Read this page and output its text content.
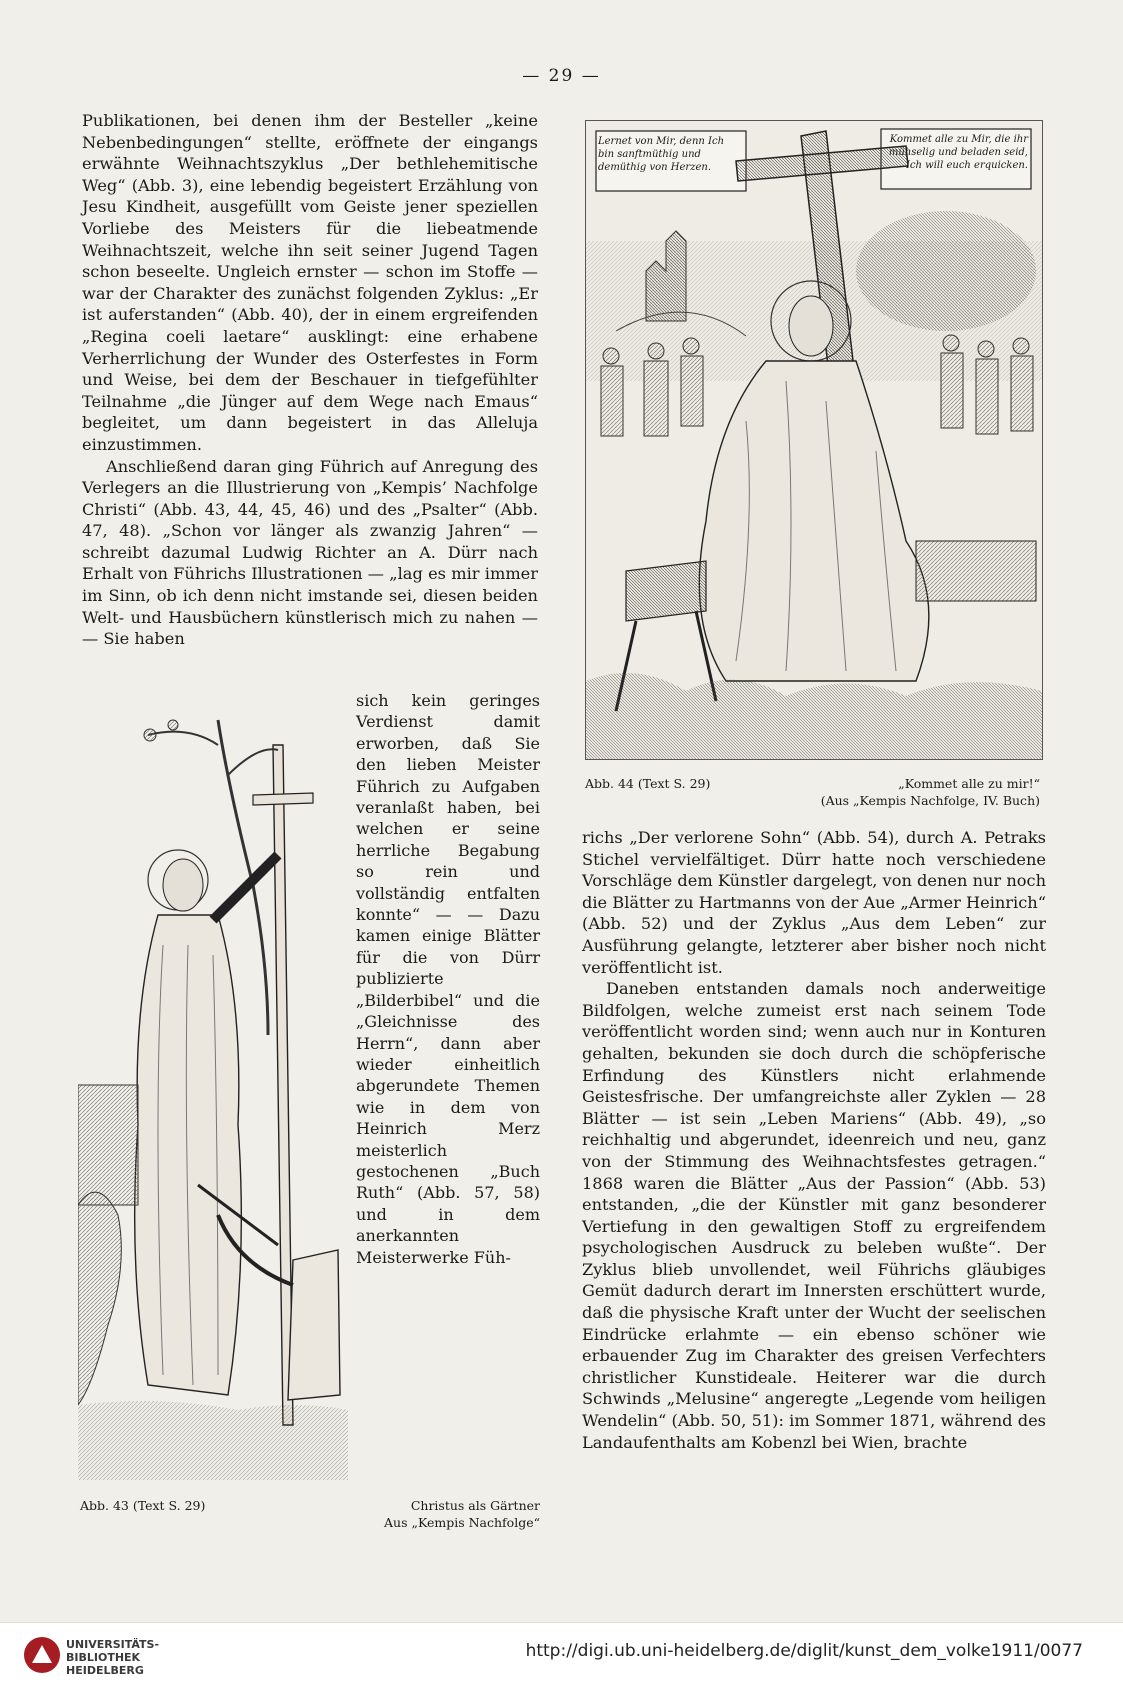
— 29 —

Publikationen, bei denen ihm der Besteller „keine Nebenbedingungen“ stellte, eröffnete der eingangs erwähnte Weihnachtszyklus „Der bethlehemitische Weg“ (Abb. 3), eine lebendig begeistert Erzählung von Jesu Kindheit, ausgefüllt vom Geiste jener speziellen Vorliebe des Meisters für die liebeatmende Weihnachtszeit, welche ihn seit seiner Jugend Tagen schon beseelte. Ungleich ernster — schon im Stoffe — war der Charakter des zunächst folgenden Zyklus: „Er ist auferstanden“ (Abb. 40), der in einem ergreifenden „Regina coeli laetare“ ausklingt: eine erhabene Verherrlichung der Wunder des Osterfestes in Form und Weise, bei dem der Beschauer in tiefgefühlter Teilnahme „die Jünger auf dem Wege nach Emaus“ begleitet, um dann begeistert in das Alleluja einzustimmen.

Anschließend daran ging Führich auf Anregung des Verlegers an die Illustrierung von „Kempis’ Nachfolge Christi“ (Abb. 43, 44, 45, 46) und des „Psalter“ (Abb. 47, 48). „Schon vor länger als zwanzig Jahren“ — schreibt dazumal Ludwig Richter an A. Dürr nach Erhalt von Führichs Illustrationen — „lag es mir immer im Sinn, ob ich denn nicht imstande sei, diesen beiden Welt- und Hausbüchern künstlerisch mich zu nahen — — Sie haben

sich kein geringes Verdienst damit erworben, daß Sie den lieben Meister Führich zu Aufgaben veranlaßt haben, bei welchen er seine herrliche Begabung so rein und vollständig entfalten konnte“ — — Dazu kamen einige Blätter für die von Dürr publizierte „Bilderbibel“ und die „Gleichnisse des Herrn“, dann aber wieder einheitlich abgerundete Themen wie in dem von Heinrich Merz meisterlich gestochenen „Buch Ruth“ (Abb. 57, 58) und in dem anerkannten Meisterwerke Füh-

richs „Der verlorene Sohn“ (Abb. 54), durch A. Petraks Stichel vervielfältiget. Dürr hatte noch verschiedene Vorschläge dem Künstler dargelegt, von denen nur noch die Blätter zu Hartmanns von der Aue „Armer Heinrich“ (Abb. 52) und der Zyklus „Aus dem Leben“ zur Ausführung gelangte, letzterer aber bisher noch nicht veröffentlicht ist.

Daneben entstanden damals noch anderweitige Bildfolgen, welche zumeist erst nach seinem Tode veröffentlicht worden sind; wenn auch nur in Konturen gehalten, bekunden sie doch durch die schöpferische Erfindung des Künstlers nicht erlahmende Geistesfrische. Der umfangreichste aller Zyklen — 28 Blätter — ist sein „Leben Mariens“ (Abb. 49), „so reichhaltig und abgerundet, ideenreich und neu, ganz von der Stimmung des Weihnachtsfestes getragen.“ 1868 waren die Blätter „Aus der Passion“ (Abb. 53) entstanden, „die der Künstler mit ganz besonderer Vertiefung in den gewaltigen Stoff zu ergreifendem psychologischen Ausdruck zu beleben wußte“. Der Zyklus blieb unvollendet, weil Führichs gläubiges Gemüt dadurch derart im Innersten erschüttert wurde, daß die physische Kraft unter der Wucht der seelischen Eindrücke erlahmte — ein ebenso schöner wie erbauender Zug im Charakter des greisen Verfechters christlicher Kunstideale. Heiterer war die durch Schwinds „Melusine“ angeregte „Legende vom heiligen Wendelin“ (Abb. 50, 51): im Sommer 1871, während des Landaufenthalts am Kobenzl bei Wien, brachte

Lernet von Mir, denn Ich bin sanftmüthig und demüthig von Herzen.
Kommet alle zu Mir, die ihr mühselig und beladen seid, Ich will euch erquicken.
Abb. 44 (Text S. 29)	„Kommet alle zu mir!“
(Aus „Kempis Nachfolge, IV. Buch)
Abb. 43 (Text S. 29)	Christus als Gärtner
Aus „Kempis Nachfolge“
UNIVERSITÄTS-
BIBLIOTHEK
HEIDELBERG
http://digi.ub.uni-heidelberg.de/diglit/kunst_dem_volke1911/0077
